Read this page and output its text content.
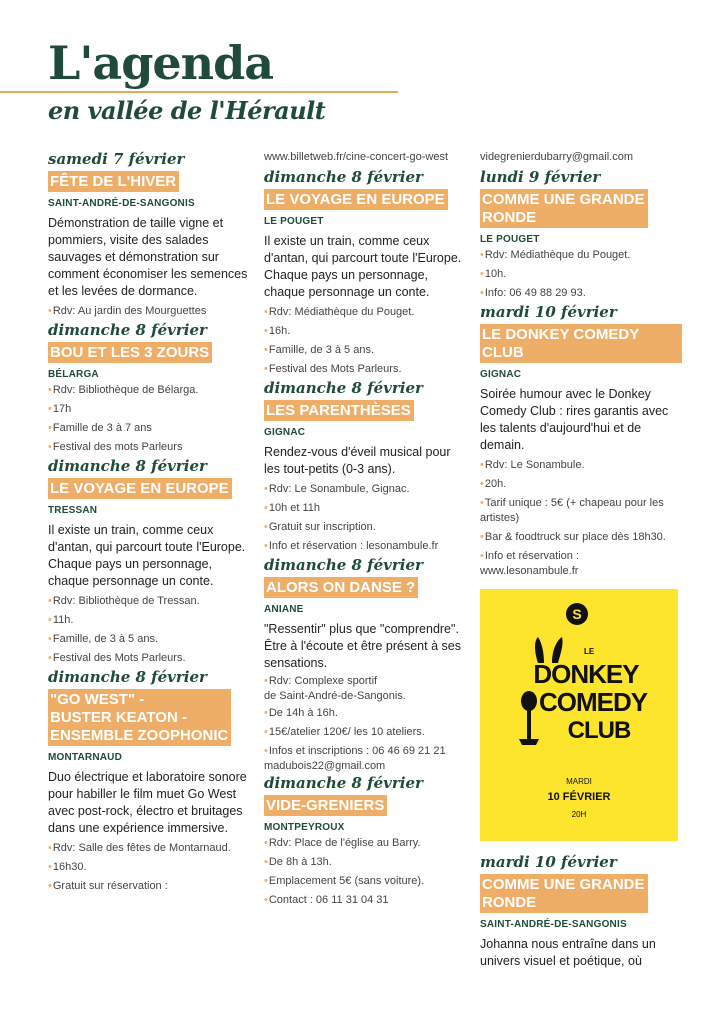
L'agenda
en vallée de l'Hérault
samedi 7 février
FÊTE DE L'HIVER
SAINT-ANDRÉ-DE-SANGONIS
Démonstration de taille vigne et pommiers, visite des salades sauvages et démonstration sur comment économiser les semences et les levées de dormance.
• Rdv: Au jardin des Mourguettes
dimanche 8 février
BOU ET LES 3 ZOURS
BÉLARGA
• Rdv: Bibliothèque de Bélarga.
• 17h
• Famille de 3 à 7 ans
• Festival des mots Parleurs
dimanche 8 février
LE VOYAGE EN EUROPE
TRESSAN
Il existe un train, comme ceux d'antan, qui parcourt toute l'Europe. Chaque pays un personnage, chaque personnage un conte.
• Rdv: Bibliothèque de Tressan.
• 11h.
• Famille, de 3 à 5 ans.
• Festival des Mots Parleurs.
dimanche 8 février
"GO WEST" -
BUSTER KEATON -
ENSEMBLE ZOOPHONIC
MONTARNAUD
Duo électrique et laboratoire sonore pour habiller le film muet Go West avec post-rock, électro et bruitages dans une expérience immersive.
• Rdv: Salle des fêtes de Montarnaud.
• 16h30.
• Gratuit sur réservation :
www.billetweb.fr/cine-concert-go-west
dimanche 8 février
LE VOYAGE EN EUROPE
LE POUGET
Il existe un train, comme ceux d'antan, qui parcourt toute l'Europe. Chaque pays un personnage, chaque personnage un conte.
• Rdv: Médiathèque du Pouget.
• 16h.
• Famille, de 3 à 5 ans.
• Festival des Mots Parleurs.
dimanche 8 février
LES PARENTHÈSES
GIGNAC
Rendez-vous d'éveil musical pour les tout-petits (0-3 ans).
• Rdv: Le Sonambule, Gignac.
• 10h et 11h
• Gratuit sur inscription.
• Info et réservation : lesonambule.fr
dimanche 8 février
ALORS ON DANSE ?
ANIANE
"Ressentir" plus que "comprendre". Être à l'écoute et être présent à ses sensations.
• Rdv: Complexe sportif
de Saint-André-de-Sangonis.
• De 14h à 16h.
• 15€/atelier 120€/ les 10 ateliers.
• Infos et inscriptions : 06 46 69 21 21
madubois22@gmail.com
dimanche 8 février
VIDE-GRENIERS
MONTPEYROUX
• Rdv: Place de l'église au Barry.
• De 8h à 13h.
• Emplacement 5€ (sans voiture).
• Contact : 06 11 31 04 31
videgrenierdubarry@gmail.com
lundi 9 février
COMME UNE GRANDE
RONDE
LE POUGET
• Rdv: Médiathèque du Pouget.
• 10h.
• Info: 06 49 88 29 93.
mardi 10 février
LE DONKEY COMEDY CLUB
GIGNAC
Soirée humour avec le Donkey Comedy Club : rires garantis avec les talents d'aujourd'hui et de demain.
• Rdv: Le Sonambule.
• 20h.
• Tarif unique : 5€ (+ chapeau pour les artistes)
• Bar & foodtruck sur place dès 18h30.
• Info et réservation :
www.lesonambule.fr
S
LE
DONKEY
COMEDY
CLUB
MARDI
10 FÉVRIER
20H
mardi 10 février
COMME UNE GRANDE
RONDE
SAINT-ANDRÉ-DE-SANGONIS
Johanna nous entraîne dans un univers visuel et poétique, où
